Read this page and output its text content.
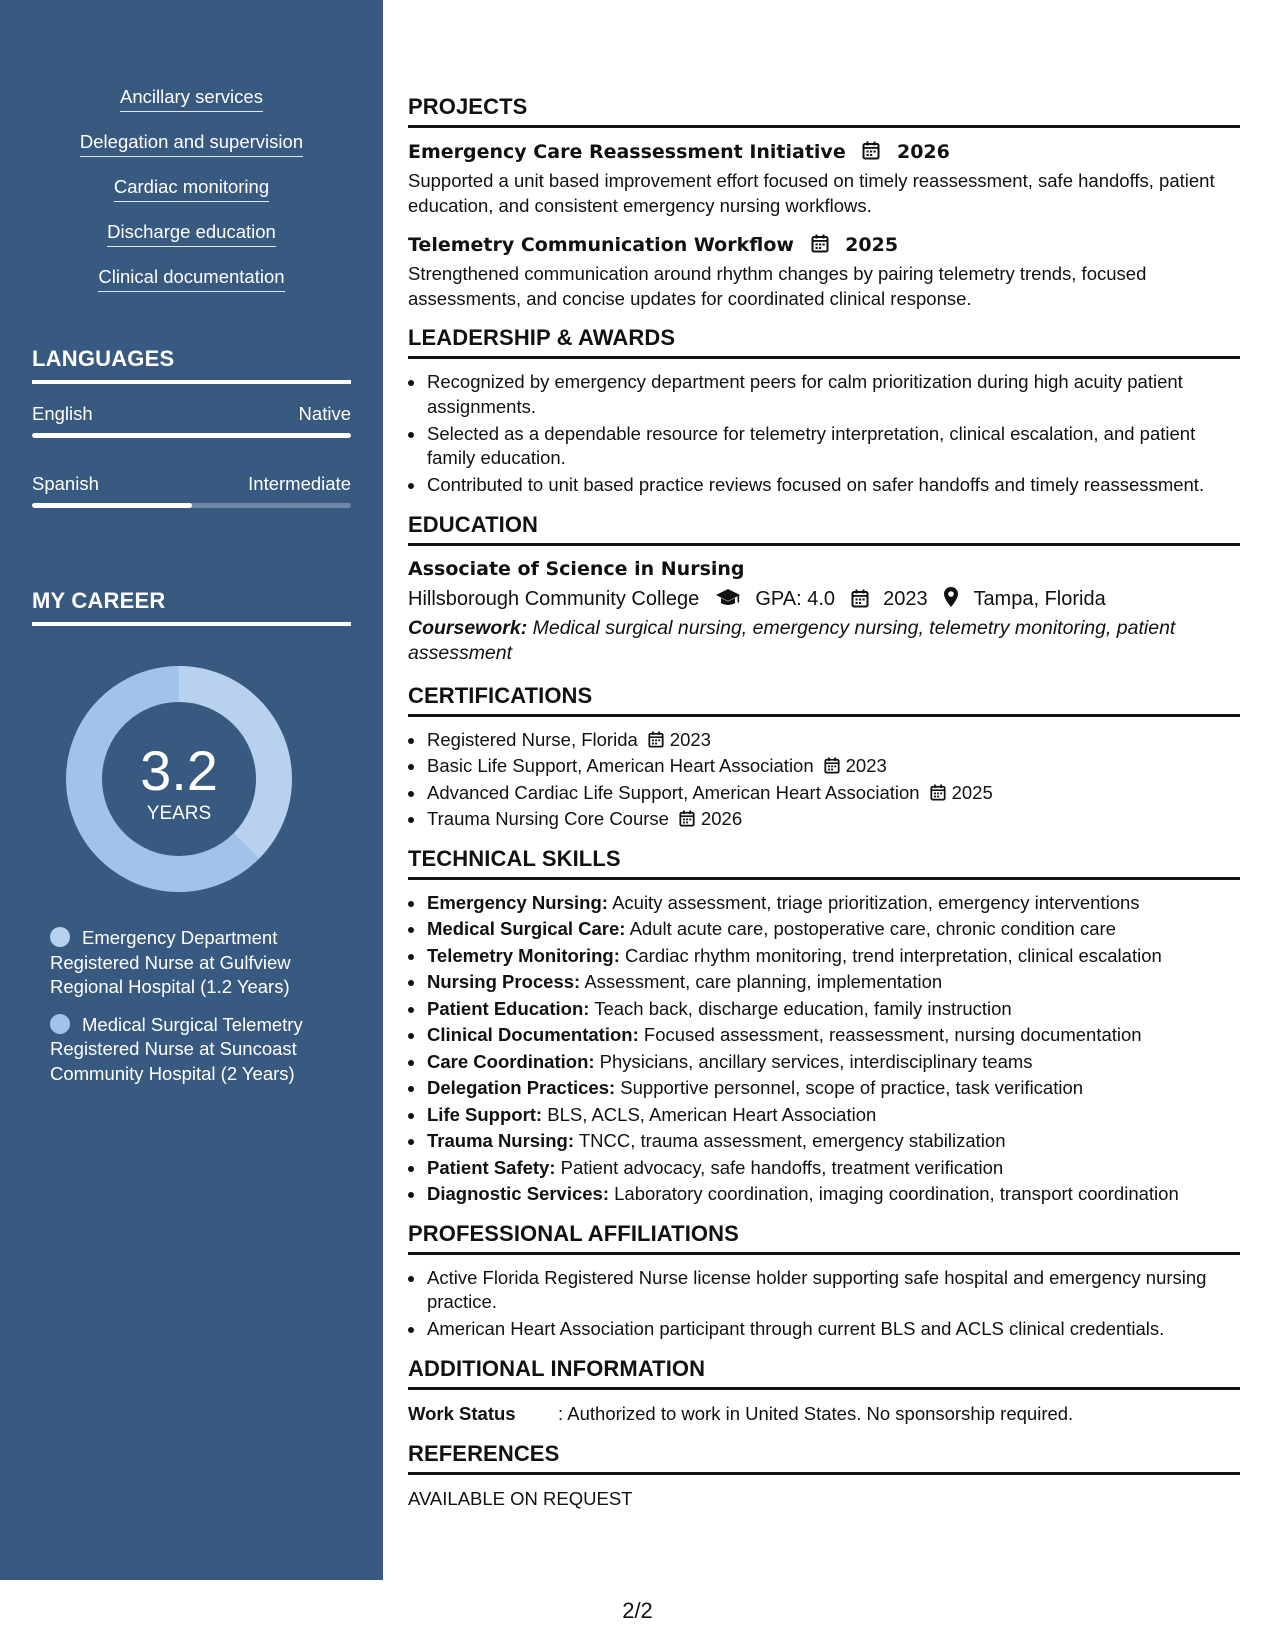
Ancillary services
Delegation and supervision
Cardiac monitoring
Discharge education
Clinical documentation
LANGUAGES
English	Native
Spanish	Intermediate
MY CAREER
3.2
YEARS
Emergency Department Registered Nurse at Gulfview Regional Hospital (1.2 Years)
Medical Surgical Telemetry Registered Nurse at Suncoast Community Hospital (2 Years)
PROJECTS
Emergency Care Reassessment Initiative	2026
Supported a unit based improvement effort focused on timely reassessment, safe handoffs, patient education, and consistent emergency nursing workflows.
Telemetry Communication Workflow	2025
Strengthened communication around rhythm changes by pairing telemetry trends, focused assessments, and concise updates for coordinated clinical response.
LEADERSHIP & AWARDS
• Recognized by emergency department peers for calm prioritization during high acuity patient assignments.
• Selected as a dependable resource for telemetry interpretation, clinical escalation, and patient family education.
• Contributed to unit based practice reviews focused on safer handoffs and timely reassessment.
EDUCATION
Associate of Science in Nursing
Hillsborough Community College	GPA: 4.0 2023 Tampa, Florida
Coursework: Medical surgical nursing, emergency nursing, telemetry monitoring, patient assessment
CERTIFICATIONS
• Registered Nurse, Florida 2023
• Basic Life Support, American Heart Association 2023
• Advanced Cardiac Life Support, American Heart Association 2025
• Trauma Nursing Core Course 2026
TECHNICAL SKILLS
• Emergency Nursing: Acuity assessment, triage prioritization, emergency interventions
• Medical Surgical Care: Adult acute care, postoperative care, chronic condition care
• Telemetry Monitoring: Cardiac rhythm monitoring, trend interpretation, clinical escalation
• Nursing Process: Assessment, care planning, implementation
• Patient Education: Teach back, discharge education, family instruction
• Clinical Documentation: Focused assessment, reassessment, nursing documentation
• Care Coordination: Physicians, ancillary services, interdisciplinary teams
• Delegation Practices: Supportive personnel, scope of practice, task verification
• Life Support: BLS, ACLS, American Heart Association
• Trauma Nursing: TNCC, trauma assessment, emergency stabilization
• Patient Safety: Patient advocacy, safe handoffs, treatment verification
• Diagnostic Services: Laboratory coordination, imaging coordination, transport coordination
PROFESSIONAL AFFILIATIONS
• Active Florida Registered Nurse license holder supporting safe hospital and emergency nursing practice.
• American Heart Association participant through current BLS and ACLS clinical credentials.
ADDITIONAL INFORMATION
Work Status : Authorized to work in United States. No sponsorship required.
REFERENCES
AVAILABLE ON REQUEST
2/2
